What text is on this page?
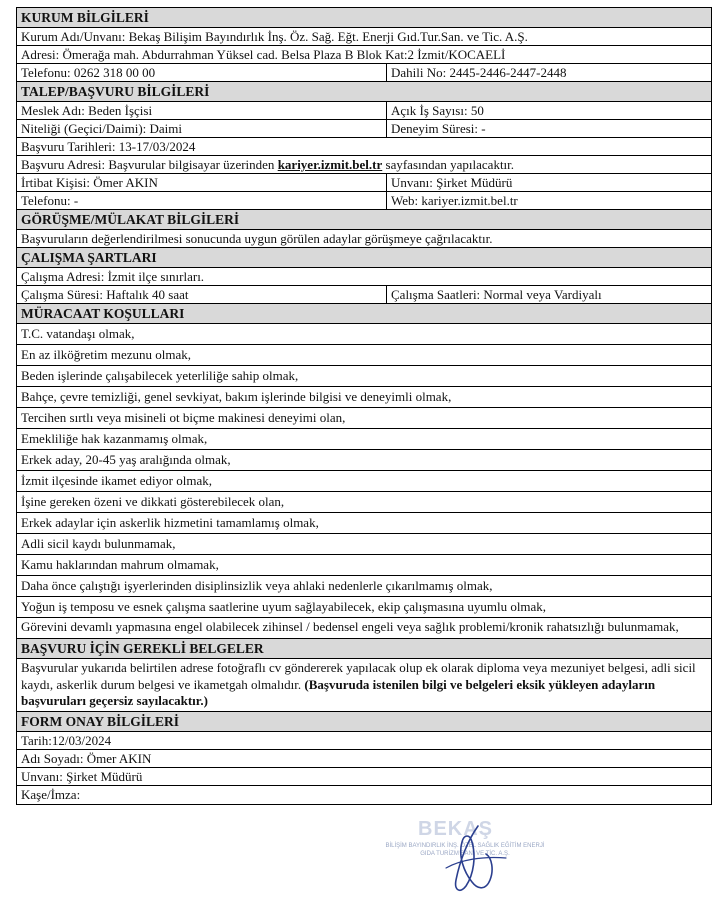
KURUM BİLGİLERİ
Kurum Adı/Unvanı: Bekaş Bilişim Bayındırlık İnş. Öz. Sağ. Eğt. Enerji Gıd.Tur.San. ve Tic. A.Ş.
Adresi: Ömerağa mah. Abdurrahman Yüksel cad. Belsa Plaza B Blok Kat:2 İzmit/KOCAELİ
Telefonu: 0262 318 00 00	Dahili No: 2445-2446-2447-2448
TALEP/BAŞVURU BİLGİLERİ
Meslek Adı: Beden İşçisi	Açık İş Sayısı: 50
Niteliği (Geçici/Daimi): Daimi	Deneyim Süresi: -
Başvuru Tarihleri: 13-17/03/2024
Başvuru Adresi: Başvurular bilgisayar üzerinden kariyer.izmit.bel.tr sayfasından yapılacaktır.
İrtibat Kişisi: Ömer AKIN	Unvanı: Şirket Müdürü
Telefonu: -	Web: kariyer.izmit.bel.tr
GÖRÜŞME/MÜLAKAT BİLGİLERİ
Başvuruların değerlendirilmesi sonucunda uygun görülen adaylar görüşmeye çağrılacaktır.
ÇALIŞMA ŞARTLARI
Çalışma Adresi: İzmit ilçe sınırları.
Çalışma Süresi: Haftalık 40 saat	Çalışma Saatleri: Normal veya Vardiyalı
MÜRACAAT KOŞULLARI
T.C. vatandaşı olmak,
En az ilköğretim mezunu olmak,
Beden işlerinde çalışabilecek yeterliliğe sahip olmak,
Bahçe, çevre temizliği, genel sevkiyat, bakım işlerinde bilgisi ve deneyimli olmak,
Tercihen sırtlı veya misineli ot biçme makinesi deneyimi olan,
Emekliliğe hak kazanmamış olmak,
Erkek aday, 20-45 yaş aralığında olmak,
İzmit ilçesinde ikamet ediyor olmak,
İşine gereken özeni ve dikkati gösterebilecek olan,
Erkek adaylar için askerlik hizmetini tamamlamış olmak,
Adli sicil kaydı bulunmamak,
Kamu haklarından mahrum olmamak,
Daha önce çalıştığı işyerlerinden disiplinsizlik veya ahlaki nedenlerle çıkarılmamış olmak,
Yoğun iş temposu ve esnek çalışma saatlerine uyum sağlayabilecek, ekip çalışmasına uyumlu olmak,
Görevini devamlı yapmasına engel olabilecek zihinsel / bedensel engeli veya sağlık problemi/kronik rahatsızlığı bulunmamak,
BAŞVURU İÇİN GEREKLİ BELGELER
Başvurular yukarıda belirtilen adrese fotoğraflı cv göndererek yapılacak olup ek olarak diploma veya mezuniyet belgesi, adli sicil kaydı, askerlik durum belgesi ve ikametgah olmalıdır. (Başvuruda istenilen bilgi ve belgeleri eksik yükleyen adayların başvuruları geçersiz sayılacaktır.)
FORM ONAY BİLGİLERİ
Tarih:12/03/2024
Adı Soyadı: Ömer AKIN
Unvanı: Şirket Müdürü
Kaşe/İmza:
BEKAŞ
BİLİŞİM BAYINDIRLIK İNŞ. ÖZEL SAĞLIK EĞİTİM ENERJİ GIDA TURİZM SAN. VE TİC. A.Ş.
